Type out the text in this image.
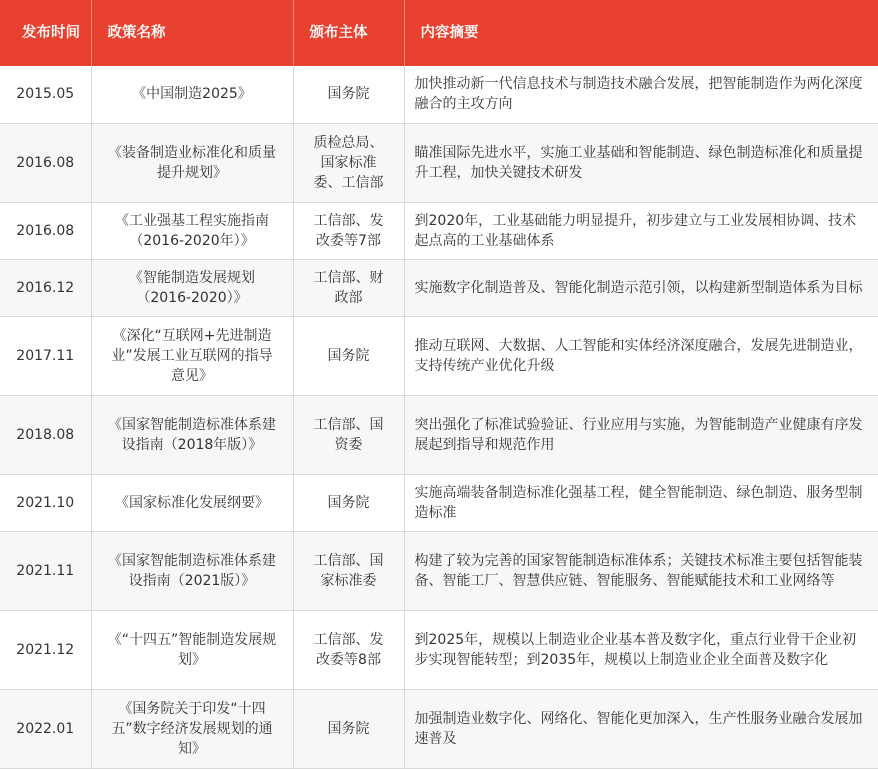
发布时间	政策名称	颁布主体	内容摘要
2015.05	《中国制造2025》	国务院	加快推动新一代信息技术与制造技术融合发展，把智能制造作为两化深度融合的主攻方向
2016.08	《装备制造业标准化和质量提升规划》	质检总局、国家标准委、工信部	瞄准国际先进水平，实施工业基础和智能制造、绿色制造标准化和质量提升工程，加快关键技术研发
2016.08	《工业强基工程实施指南（2016-2020年）》	工信部、发改委等7部	到2020年，工业基础能力明显提升，初步建立与工业发展相协调、技术起点高的工业基础体系
2016.12	《智能制造发展规划（2016-2020）》	工信部、财政部	实施数字化制造普及、智能化制造示范引领，以构建新型制造体系为目标
2017.11	《深化“互联网+先进制造业”发展工业互联网的指导意见》	国务院	推动互联网、大数据、人工智能和实体经济深度融合，发展先进制造业，支持传统产业优化升级
2018.08	《国家智能制造标准体系建设指南（2018年版）》	工信部、国资委	突出强化了标准试验验证、行业应用与实施，为智能制造产业健康有序发展起到指导和规范作用
2021.10	《国家标准化发展纲要》	国务院	实施高端装备制造标准化强基工程，健全智能制造、绿色制造、服务型制造标准
2021.11	《国家智能制造标准体系建设指南（2021版）》	工信部、国家标准委	构建了较为完善的国家智能制造标准体系；关键技术标准主要包括智能装备、智能工厂、智慧供应链、智能服务、智能赋能技术和工业网络等
2021.12	《“十四五”智能制造发展规划》	工信部、发改委等8部	到2025年，规模以上制造业企业基本普及数字化，重点行业骨干企业初步实现智能转型；到2035年，规模以上制造业企业全面普及数字化
2022.01	《国务院关于印发“十四五”数字经济发展规划的通知》	国务院	加强制造业数字化、网络化、智能化更加深入，生产性服务业融合发展加速普及
